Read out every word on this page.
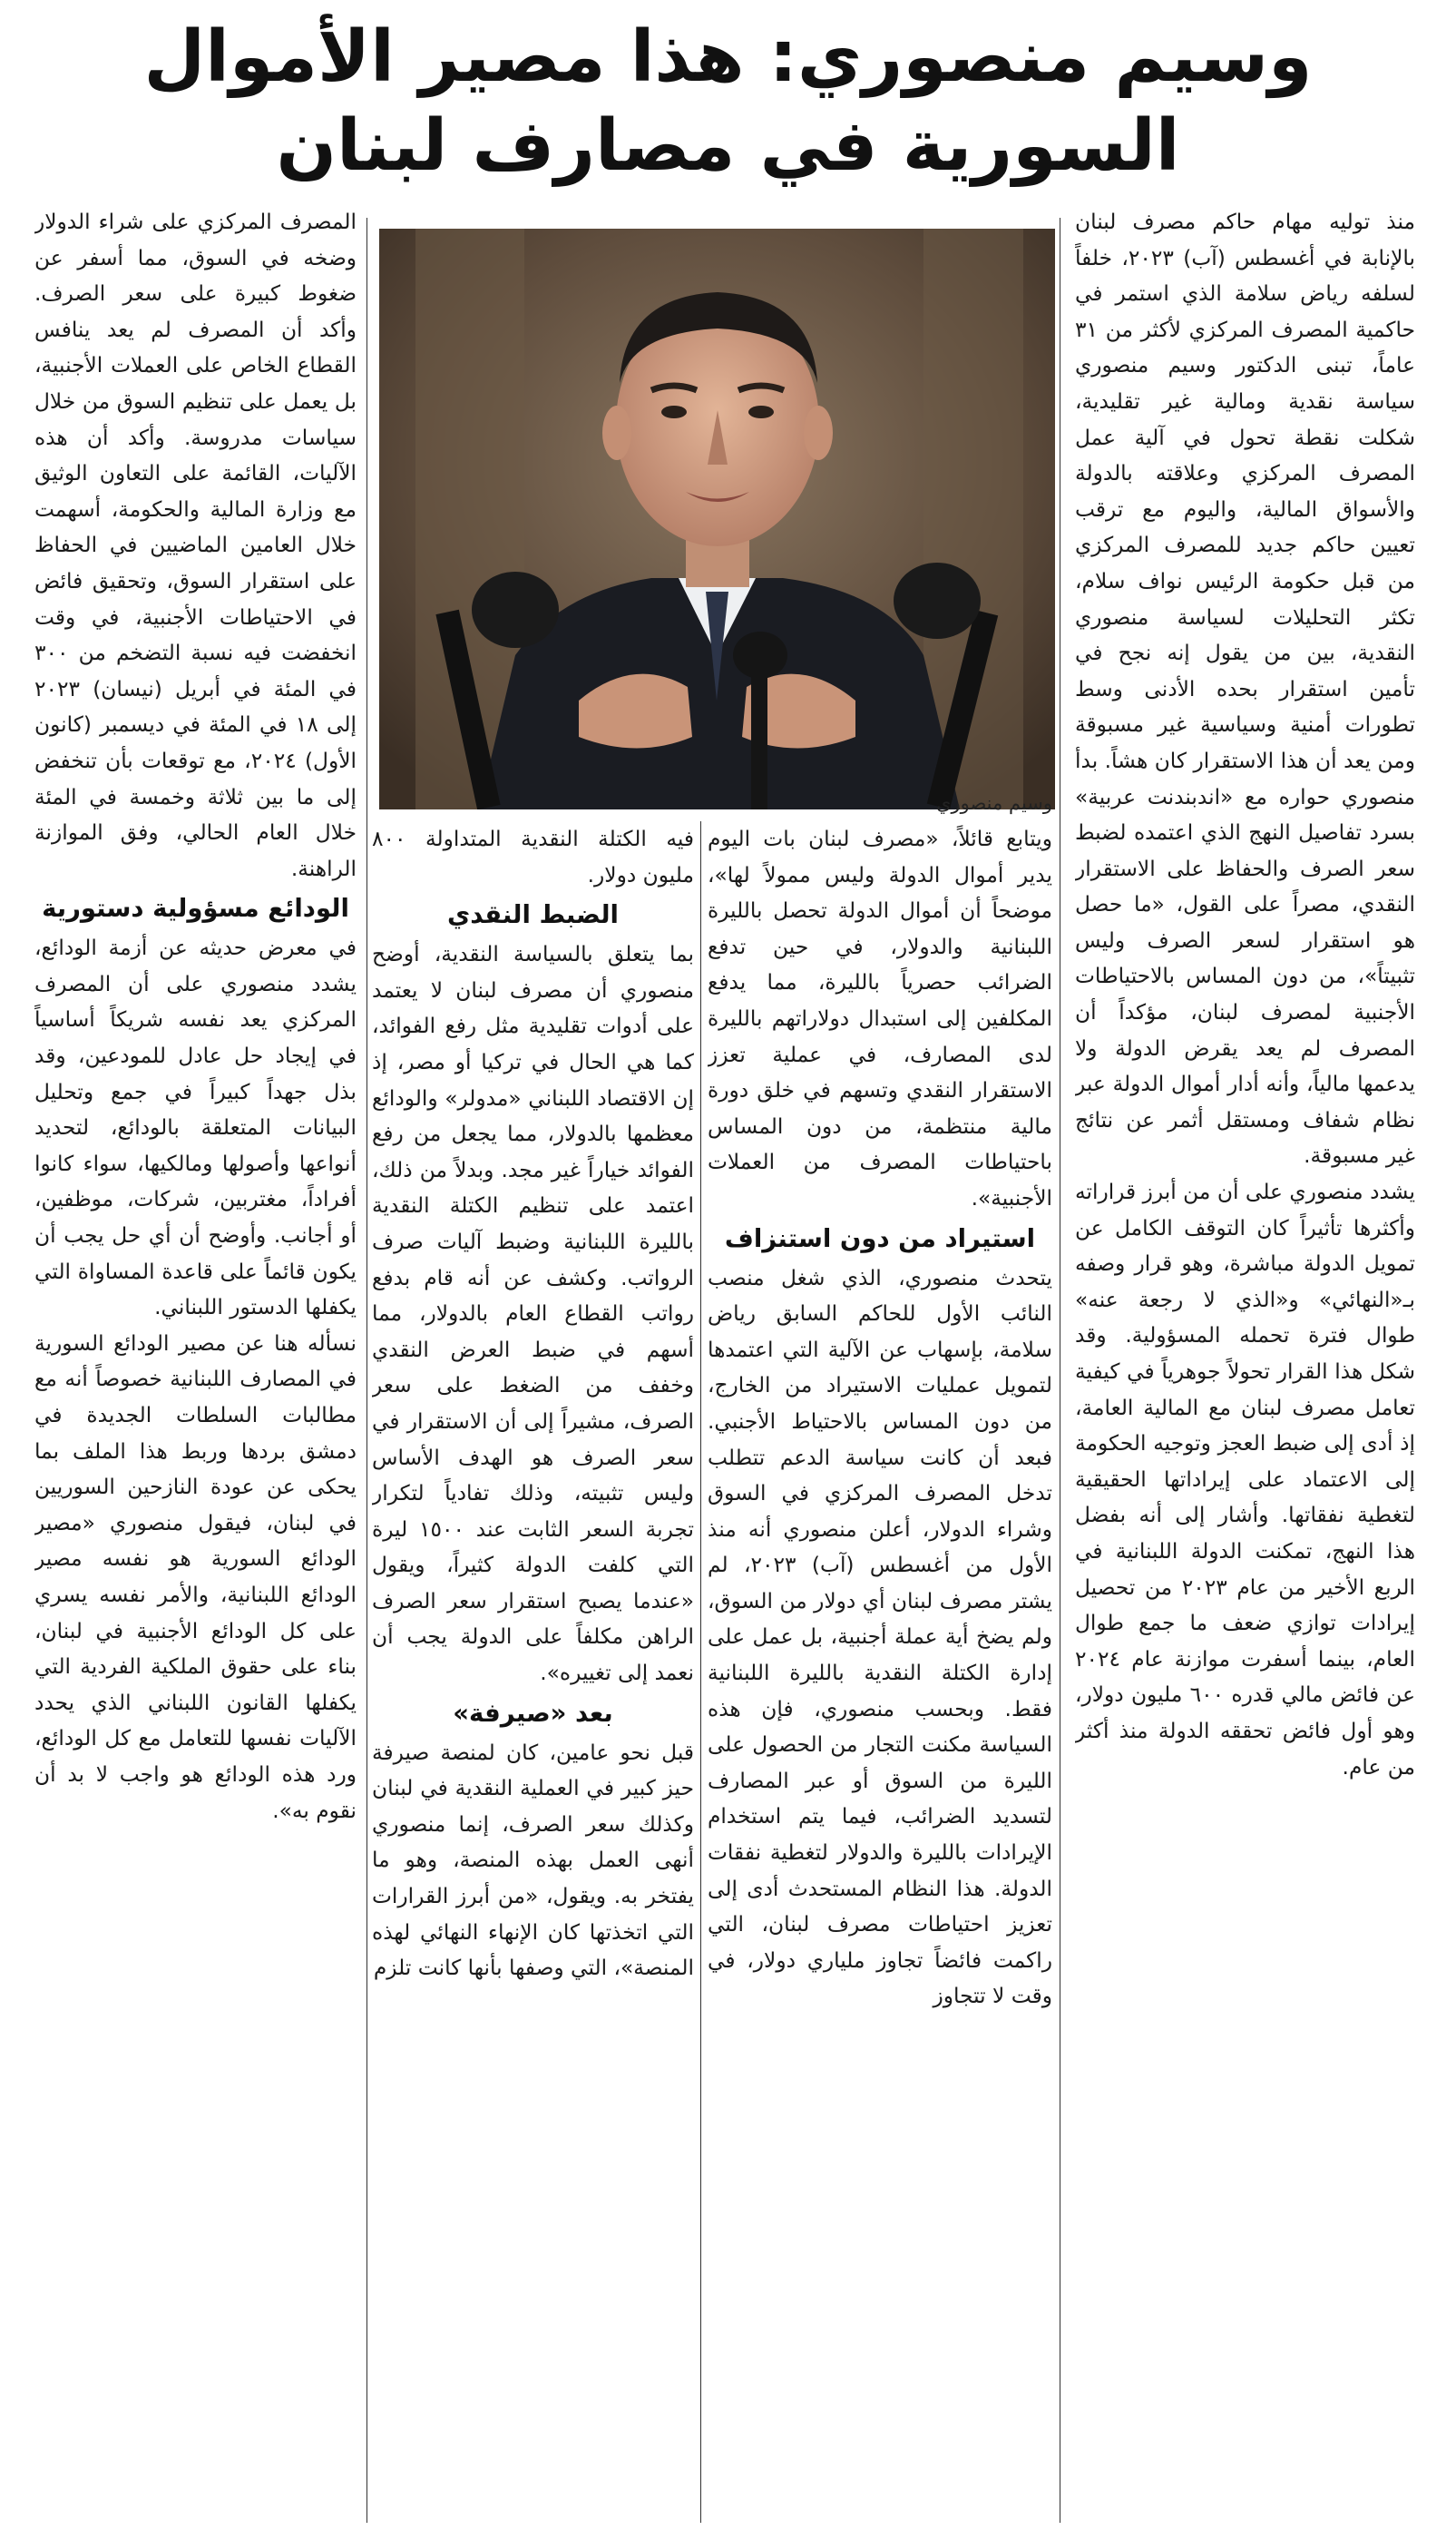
وسيم منصوري: هذا مصير الأموال
السورية في مصارف لبنان

منذ توليه مهام حاكم مصرف لبنان بالإنابة في أغسطس (آب) ٢٠٢٣، خلفاً لسلفه رياض سلامة الذي استمر في حاكمية المصرف المركزي لأكثر من ٣١ عاماً، تبنى الدكتور وسيم منصوري سياسة نقدية ومالية غير تقليدية، شكلت نقطة تحول في آلية عمل المصرف المركزي وعلاقته بالدولة والأسواق المالية، واليوم مع ترقب تعيين حاكم جديد للمصرف المركزي من قبل حكومة الرئيس نواف سلام، تكثر التحليلات لسياسة منصوري النقدية، بين من يقول إنه نجح في تأمين استقرار بحده الأدنى وسط تطورات أمنية وسياسية غير مسبوقة ومن يعد أن هذا الاستقرار كان هشاً. بدأ منصوري حواره مع «اندبندنت عربية» بسرد تفاصيل النهج الذي اعتمده لضبط سعر الصرف والحفاظ على الاستقرار النقدي، مصراً على القول، «ما حصل هو استقرار لسعر الصرف وليس تثبيتاً»، من دون المساس بالاحتياطات الأجنبية لمصرف لبنان، مؤكداً أن المصرف لم يعد يقرض الدولة ولا يدعمها مالياً، وأنه أدار أموال الدولة عبر نظام شفاف ومستقل أثمر عن نتائج غير مسبوقة.

يشدد منصوري على أن من أبرز قراراته وأكثرها تأثيراً كان التوقف الكامل عن تمويل الدولة مباشرة، وهو قرار وصفه بـ«النهائي» و«الذي لا رجعة عنه» طوال فترة تحمله المسؤولية. وقد شكل هذا القرار تحولاً جوهرياً في كيفية تعامل مصرف لبنان مع المالية العامة، إذ أدى إلى ضبط العجز وتوجيه الحكومة إلى الاعتماد على إيراداتها الحقيقية لتغطية نفقاتها. وأشار إلى أنه بفضل هذا النهج، تمكنت الدولة اللبنانية في الربع الأخير من عام ٢٠٢٣ من تحصيل إيرادات توازي ضعف ما جمع طوال العام، بينما أسفرت موازنة عام ٢٠٢٤ عن فائض مالي قدره ٦٠٠ مليون دولار، وهو أول فائض تحققه الدولة منذ أكثر من عام.

وسيم منصوري

ويتابع قائلاً، «مصرف لبنان بات اليوم يدير أموال الدولة وليس ممولاً لها»، موضحاً أن أموال الدولة تحصل بالليرة اللبنانية والدولار، في حين تدفع الضرائب حصرياً بالليرة، مما يدفع المكلفين إلى استبدال دولاراتهم بالليرة لدى المصارف، في عملية تعزز الاستقرار النقدي وتسهم في خلق دورة مالية منتظمة، من دون المساس باحتياطات المصرف من العملات الأجنبية».

استيراد من دون استنزاف

يتحدث منصوري، الذي شغل منصب النائب الأول للحاكم السابق رياض سلامة، بإسهاب عن الآلية التي اعتمدها لتمويل عمليات الاستيراد من الخارج، من دون المساس بالاحتياط الأجنبي. فبعد أن كانت سياسة الدعم تتطلب تدخل المصرف المركزي في السوق وشراء الدولار، أعلن منصوري أنه منذ الأول من أغسطس (آب) ٢٠٢٣، لم يشتر مصرف لبنان أي دولار من السوق، ولم يضخ أية عملة أجنبية، بل عمل على إدارة الكتلة النقدية بالليرة اللبنانية فقط. وبحسب منصوري، فإن هذه السياسة مكنت التجار من الحصول على الليرة من السوق أو عبر المصارف لتسديد الضرائب، فيما يتم استخدام الإيرادات بالليرة والدولار لتغطية نفقات الدولة. هذا النظام المستحدث أدى إلى تعزيز احتياطات مصرف لبنان، التي راكمت فائضاً تجاوز ملياري دولار، في وقت لا تتجاوز

فيه الكتلة النقدية المتداولة ٨٠٠ مليون دولار.

الضبط النقدي

بما يتعلق بالسياسة النقدية، أوضح منصوري أن مصرف لبنان لا يعتمد على أدوات تقليدية مثل رفع الفوائد، كما هي الحال في تركيا أو مصر، إذ إن الاقتصاد اللبناني «مدولر» والودائع معظمها بالدولار، مما يجعل من رفع الفوائد خياراً غير مجد. وبدلاً من ذلك، اعتمد على تنظيم الكتلة النقدية بالليرة اللبنانية وضبط آليات صرف الرواتب. وكشف عن أنه قام بدفع رواتب القطاع العام بالدولار، مما أسهم في ضبط العرض النقدي وخفف من الضغط على سعر الصرف، مشيراً إلى أن الاستقرار في سعر الصرف هو الهدف الأساس وليس تثبيته، وذلك تفادياً لتكرار تجربة السعر الثابت عند ١٥٠٠ ليرة التي كلفت الدولة كثيراً، ويقول «عندما يصبح استقرار سعر الصرف الراهن مكلفاً على الدولة يجب أن نعمد إلى تغييره».

بعد «صيرفة»

قبل نحو عامين، كان لمنصة صيرفة حيز كبير في العملية النقدية في لبنان وكذلك سعر الصرف، إنما منصوري أنهى العمل بهذه المنصة، وهو ما يفتخر به. ويقول، «من أبرز القرارات التي اتخذتها كان الإنهاء النهائي لهذه المنصة»، التي وصفها بأنها كانت تلزم

المصرف المركزي على شراء الدولار وضخه في السوق، مما أسفر عن ضغوط كبيرة على سعر الصرف. وأكد أن المصرف لم يعد ينافس القطاع الخاص على العملات الأجنبية، بل يعمل على تنظيم السوق من خلال سياسات مدروسة. وأكد أن هذه الآليات، القائمة على التعاون الوثيق مع وزارة المالية والحكومة، أسهمت خلال العامين الماضيين في الحفاظ على استقرار السوق، وتحقيق فائض في الاحتياطات الأجنبية، في وقت انخفضت فيه نسبة التضخم من ٣٠٠ في المئة في أبريل (نيسان) ٢٠٢٣ إلى ١٨ في المئة في ديسمبر (كانون الأول) ٢٠٢٤، مع توقعات بأن تنخفض إلى ما بين ثلاثة وخمسة في المئة خلال العام الحالي، وفق الموازنة الراهنة.

الودائع مسؤولية دستورية

في معرض حديثه عن أزمة الودائع، يشدد منصوري على أن المصرف المركزي يعد نفسه شريكاً أساسياً في إيجاد حل عادل للمودعين، وقد بذل جهداً كبيراً في جمع وتحليل البيانات المتعلقة بالودائع، لتحديد أنواعها وأصولها ومالكيها، سواء كانوا أفراداً، مغتربين، شركات، موظفين، أو أجانب. وأوضح أن أي حل يجب أن يكون قائماً على قاعدة المساواة التي يكفلها الدستور اللبناني.

نسأله هنا عن مصير الودائع السورية في المصارف اللبنانية خصوصاً أنه مع مطالبات السلطات الجديدة في دمشق بردها وربط هذا الملف بما يحكى عن عودة النازحين السوريين في لبنان، فيقول منصوري «مصير الودائع السورية هو نفسه مصير الودائع اللبنانية، والأمر نفسه يسري على كل الودائع الأجنبية في لبنان، بناء على حقوق الملكية الفردية التي يكفلها القانون اللبناني الذي يحدد الآليات نفسها للتعامل مع كل الودائع، ورد هذه الودائع هو واجب لا بد أن نقوم به».
